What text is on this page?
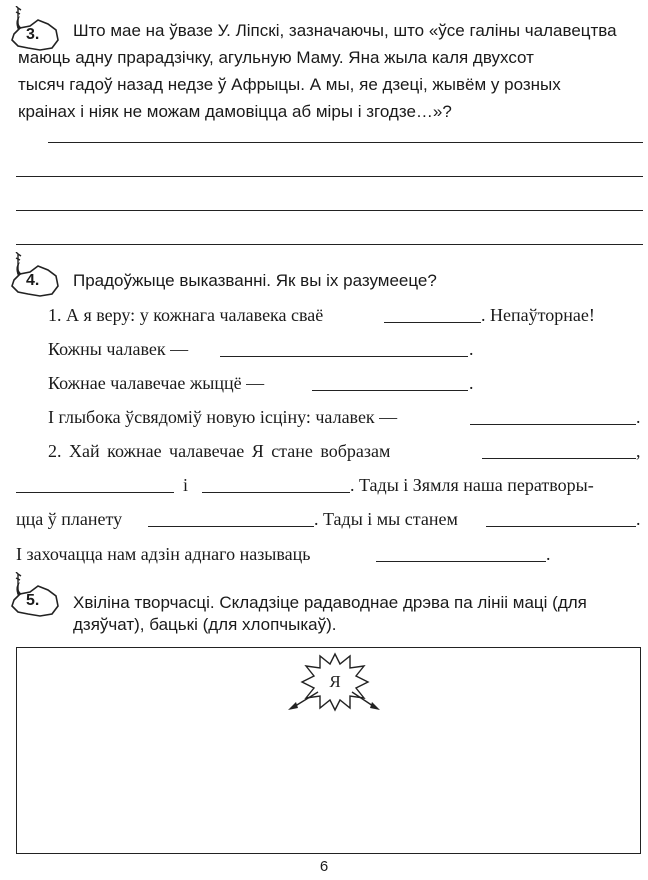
3. Што мае на ўвазе У. Ліпскі, зазначаючы, што «ўсе галіны чалавецтва
маюць адну прарадзічку, агульную Маму. Яна жыла каля двухсот
тысяч гадоў назад недзе ў Афрыцы. А мы, яе дзеці, жывём у розных
краінах і ніяк не можам дамовіцца аб міры і згодзе…»?
4. Прадоўжыце выказванні. Як вы іх разумееце?
1. А я веру: у кожнага чалавека сваё	. Непаўторнае!
Кожны чалавек —	.
Кожнае чалавечае жыццё —	.
І глыбока ўсвядоміў новую ісціну: чалавек —	.
2. Хай кожнае чалавечае Я стане вобразам	,
і	. Тады і Зямля наша ператворы-
цца ў планету	. Тады і мы станем	.
І захочацца нам адзін аднаго называць	.
5. Хвіліна творчасці. Складзіце радаводнае дрэва па лініі маці (для
дзяўчат), бацькі (для хлопчыкаў).
Я
6
